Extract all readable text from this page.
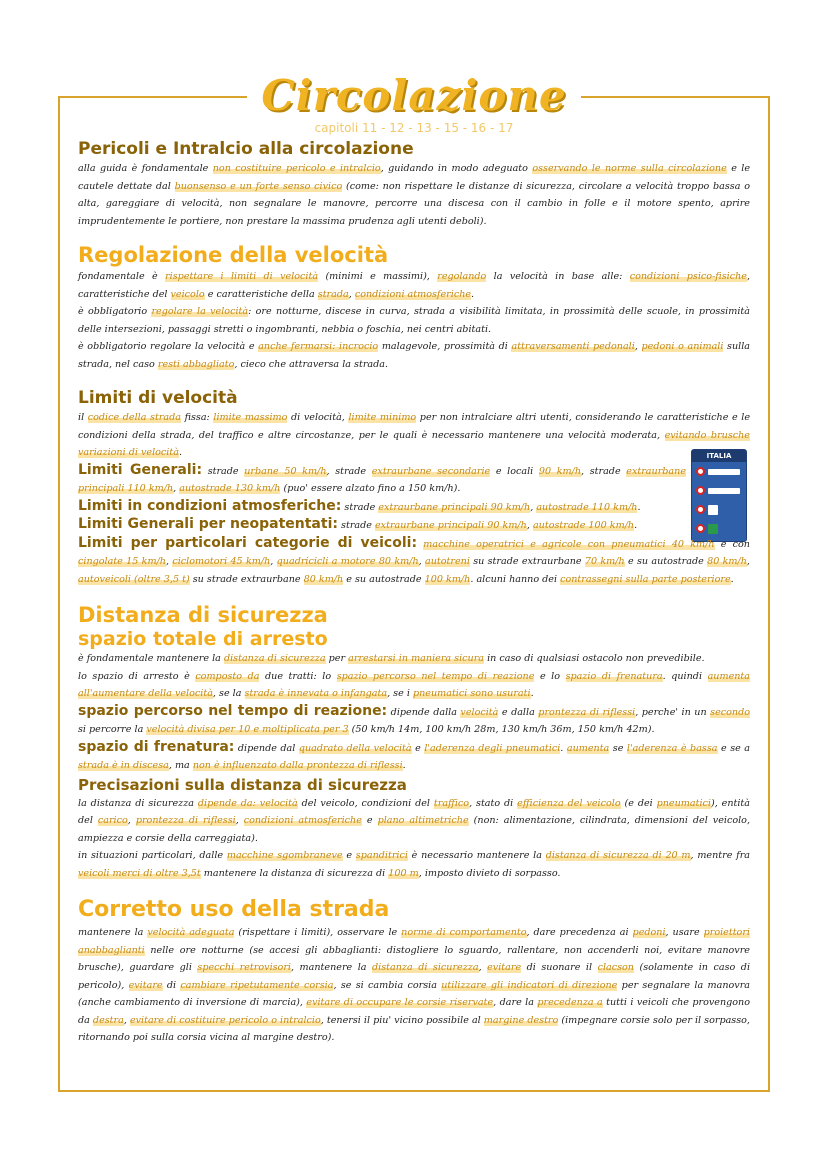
Circolazione
capitoli 11 - 12 - 13 - 15 - 16 - 17
ITALIA
Pericoli e Intralcio alla circolazione

alla guida è fondamentale non costituire pericolo e intralcio, guidando in modo adeguato osservando le norme sulla circolazione e le cautele dettate dal buonsenso e un forte senso civico (come: non rispettare le distanze di sicurezza, circolare a velocità troppo bassa o alta, gareggiare di velocità, non segnalare le manovre, percorre una discesa con il cambio in folle e il motore spento, aprire imprudentemente le portiere, non prestare la massima prudenza agli utenti deboli).

Regolazione della velocità

fondamentale è rispettare i limiti di velocità (minimi e massimi), regolando la velocità in base alle: condizioni psico-fisiche, caratteristiche del veicolo e caratteristiche della strada, condizioni atmosferiche.

è obbligatorio regolare la velocità: ore notturne, discese in curva, strada a visibilità limitata, in prossimità delle scuole, in prossimità delle intersezioni, passaggi stretti o ingombranti, nebbia o foschia, nei centri abitati.

è obbligatorio regolare la velocità e anche fermarsi: incrocio malagevole, prossimità di attraversamenti pedonali, pedoni o animali sulla strada, nel caso resti abbagliato, cieco che attraversa la strada.

Limiti di velocità

il codice della strada fissa: limite massimo di velocità, limite minimo per non intralciare altri utenti, considerando le caratteristiche e le condizioni della strada, del traffico e altre circostanze, per le quali è necessario mantenere una velocità moderata, evitando brusche variazioni di velocità.

Limiti Generali: strade urbane 50 km/h, strade extraurbane secondarie e locali 90 km/h, strade extraurbane principali 110 km/h, autostrade 130 km/h (puo' essere alzato fino a 150 km/h).

Limiti in condizioni atmosferiche: strade extraurbane principali 90 km/h, autostrade 110 km/h.

Limiti Generali per neopatentati: strade extraurbane principali 90 km/h, autostrade 100 km/h.

Limiti per particolari categorie di veicoli: macchine operatrici e agricole con pneumatici 40 km/h e con cingolate 15 km/h, ciclomotori 45 km/h, quadricicli a motore 80 km/h, autotreni su strade extraurbane 70 km/h e su autostrade 80 km/h, autoveicoli (oltre 3,5 t) su strade extraurbane 80 km/h e su autostrade 100 km/h. alcuni hanno dei contrassegni sulla parte posteriore.

Distanza di sicurezza
spazio totale di arresto

è fondamentale mantenere la distanza di sicurezza per arrestarsi in maniera sicura in caso di qualsiasi ostacolo non prevedibile.

lo spazio di arresto è composto da due tratti: lo spazio percorso nel tempo di reazione e lo spazio di frenatura. quindi aumenta all'aumentare della velocità, se la strada è innevata o infangata, se i pneumatici sono usurati.

spazio percorso nel tempo di reazione: dipende dalla velocità e dalla prontezza di riflessi, perche' in un secondo si percorre la velocità divisa per 10 e moltiplicata per 3 (50 km/h 14m, 100 km/h 28m, 130 km/h 36m, 150 km/h 42m).

spazio di frenatura: dipende dal quadrato della velocità e l'aderenza degli pneumatici. aumenta se l'aderenza è bassa e se a strada è in discesa, ma non è influenzato dalla prontezza di riflessi.

Precisazioni sulla distanza di sicurezza

la distanza di sicurezza dipende da: velocità del veicolo, condizioni del traffico, stato di efficienza del veicolo (e dei pneumatici), entità del carico, prontezza di riflessi, condizioni atmosferiche e plano altimetriche (non: alimentazione, cilindrata, dimensioni del veicolo, ampiezza e corsie della carreggiata).

in situazioni particolari, dalle macchine sgombraneve e spanditrici è necessario mantenere la distanza di sicurezza di 20 m, mentre fra veicoli merci di oltre 3,5t mantenere la distanza di sicurezza di 100 m, imposto divieto di sorpasso.

Corretto uso della strada

mantenere la velocità adeguata (rispettare i limiti), osservare le norme di comportamento, dare precedenza ai pedoni, usare proiettori anabbaglianti nelle ore notturne (se accesi gli abbaglianti: distogliere lo sguardo, rallentare, non accenderli noi, evitare manovre brusche), guardare gli specchi retrovisori, mantenere la distanza di sicurezza, evitare di suonare il clacson (solamente in caso di pericolo), evitare di cambiare ripetutamente corsia, se si cambia corsia utilizzare gli indicatori di direzione per segnalare la manovra (anche cambiamento di inversione di marcia), evitare di occupare le corsie riservate, dare la precedenza a tutti i veicoli che provengono da destra, evitare di costituire pericolo o intralcio, tenersi il piu' vicino possibile al margine destro (impegnare corsie solo per il sorpasso, ritornando poi sulla corsia vicina al margine destro).
